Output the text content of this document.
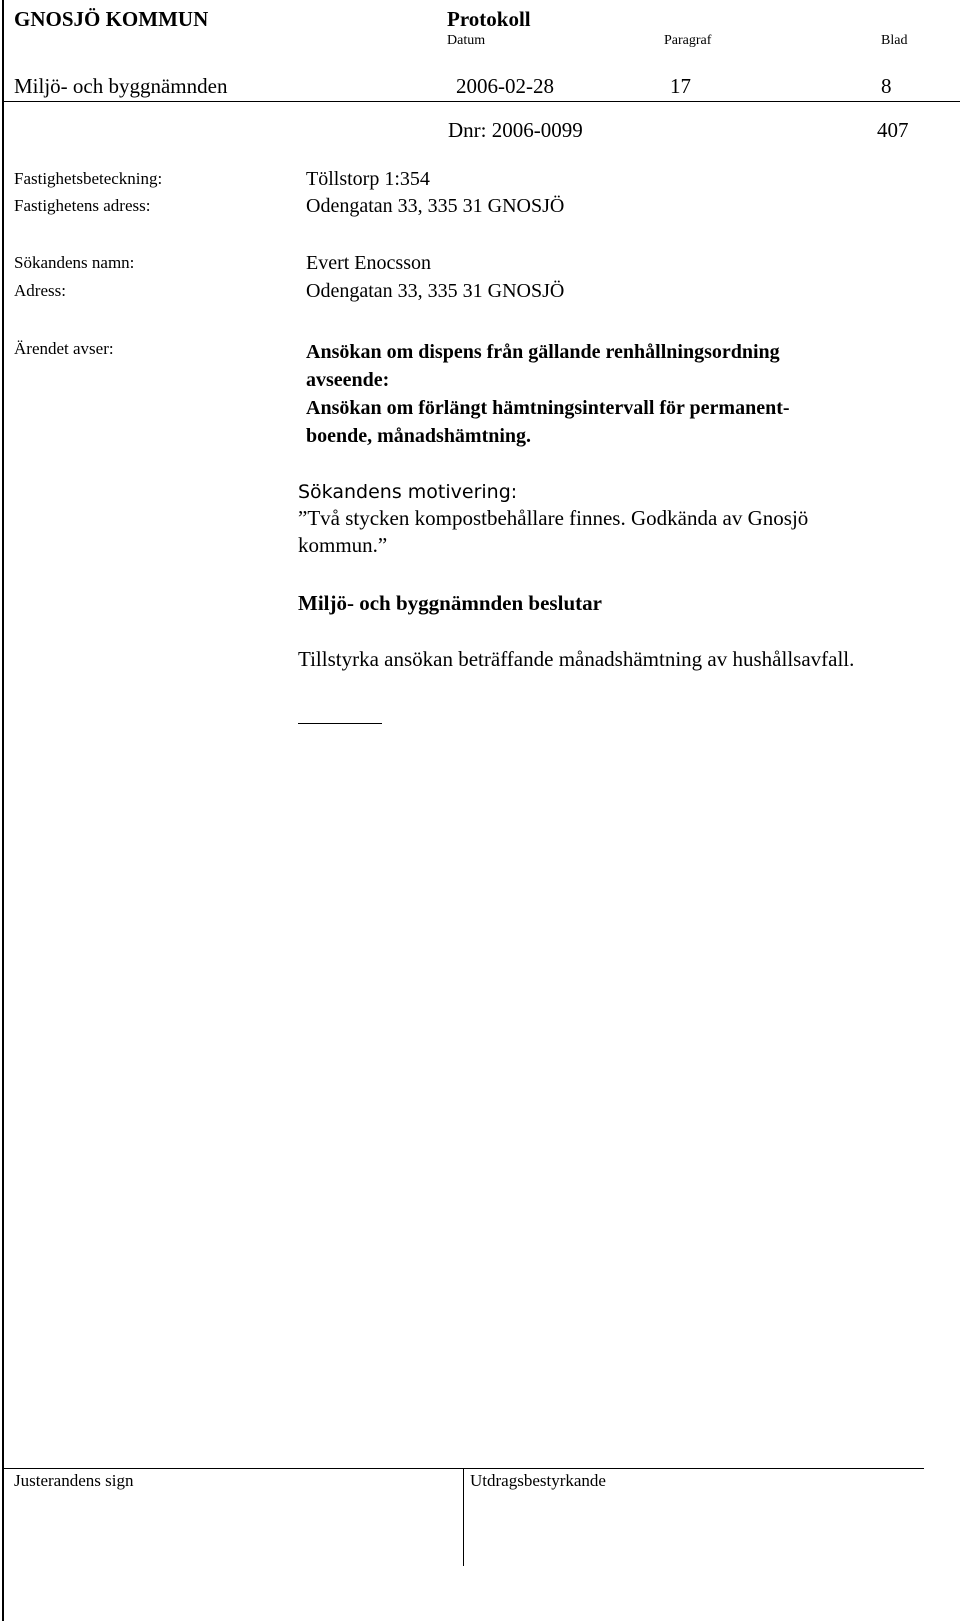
GNOSJÖ KOMMUN	Protokoll
Datum	Paragraf	Blad
Miljö- och byggnämnden	2006-02-28	17	8
Dnr: 2006-0099	407
Fastighetsbeteckning:	Töllstorp 1:354
Fastighetens adress:	Odengatan 33, 335 31 GNOSJÖ
Sökandens namn:	Evert Enocsson
Adress:	Odengatan 33, 335 31 GNOSJÖ
Ärendet avser:	Ansökan om dispens från gällande renhållningsordning
avseende:
Ansökan om förlängt hämtningsintervall för permanent-
boende, månadshämtning.
Sökandens motivering:
”Två stycken kompostbehållare finnes. Godkända av Gnosjö
kommun.”
Miljö- och byggnämnden beslutar
Tillstyrka ansökan beträffande månadshämtning av hushållsavfall.
Justerandens sign	Utdragsbestyrkande
